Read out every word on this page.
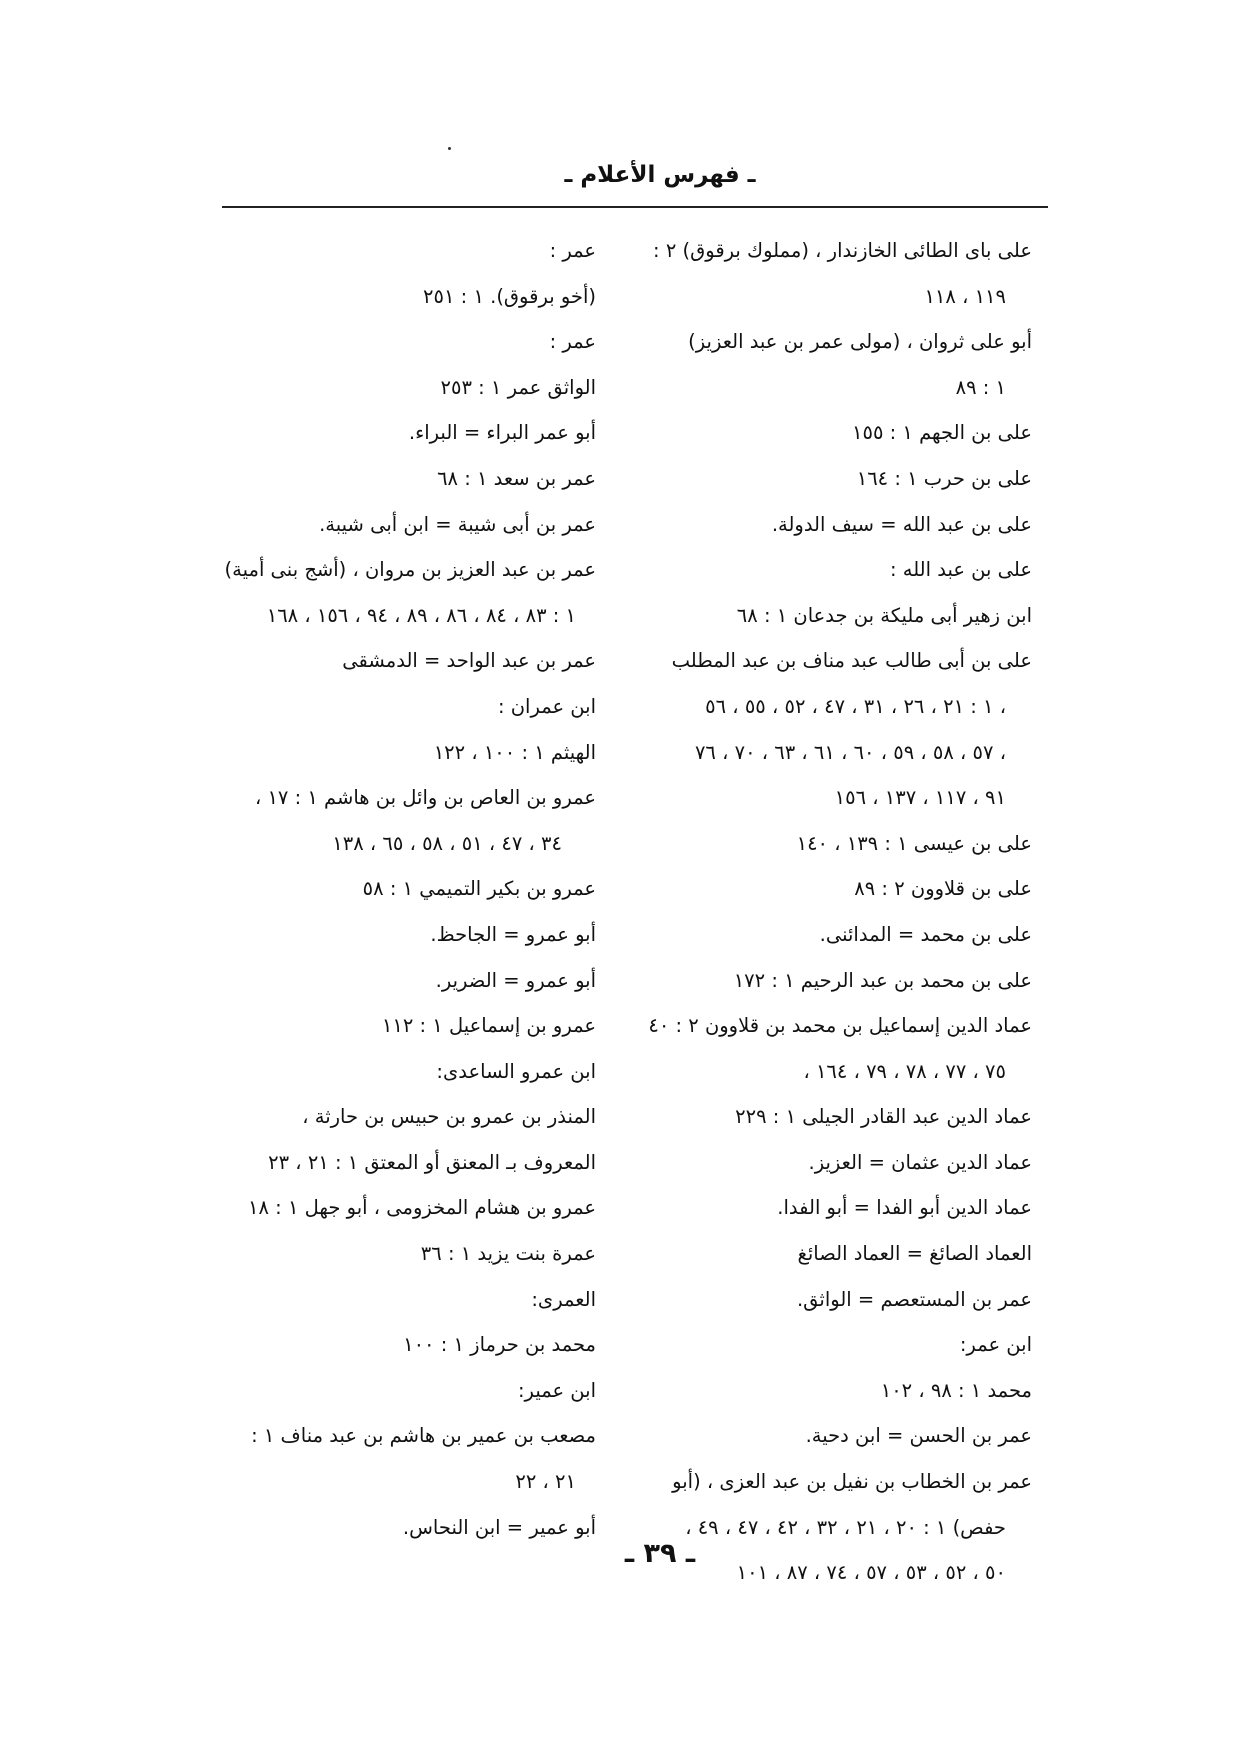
ـ فهرس الأعلام ـ
على باى الطائى الخازندار ، (مملوك برقوق) ٢ :
١١٩ ، ١١٨
أبو على ثروان ، (مولى عمر بن عبد العزيز)
١ : ٨٩
على بن الجهم ١ : ١٥٥
على بن حرب ١ : ١٦٤
على بن عبد الله = سيف الدولة.
على بن عبد الله :
ابن زهير أبى مليكة بن جدعان ١ : ٦٨
على بن أبى طالب عبد مناف بن عبد المطلب
١ : ٢١ ، ٢٦ ، ٣١ ، ٤٧ ، ٥٢ ، ٥٥ ، ٥٦ ،
٥٧ ، ٥٨ ، ٥٩ ، ٦٠ ، ٦١ ، ٦٣ ، ٧٠ ، ٧٦ ،
٩١ ، ١١٧ ، ١٣٧ ، ١٥٦
على بن عيسى ١ : ١٣٩ ، ١٤٠
على بن قلاوون ٢ : ٨٩
على بن محمد = المدائنى.
على بن محمد بن عبد الرحيم ١ : ١٧٢
عماد الدين إسماعيل بن محمد بن قلاوون ٢ : ٤٠
، ٧٥ ، ٧٧ ، ٧٨ ، ٧٩ ، ١٦٤
عماد الدين عبد القادر الجيلى ١ : ٢٢٩
عماد الدين عثمان = العزيز.
عماد الدين أبو الفدا = أبو الفدا.
العماد الصائغ = العماد الصائغ
عمر بن المستعصم = الواثق.
ابن عمر:
محمد ١ : ٩٨ ، ١٠٢
عمر بن الحسن = ابن دحية.
عمر بن الخطاب بن نفيل بن عبد العزى ، (أبو
حفص) ١ : ٢٠ ، ٢١ ، ٣٢ ، ٤٢ ، ٤٧ ، ٤٩ ،
٥٠ ، ٥٢ ، ٥٣ ، ٥٧ ، ٧٤ ، ٨٧ ، ١٠١
عمر :
(أخو برقوق). ١ : ٢٥١
عمر :
الواثق عمر ١ : ٢٥٣
أبو عمر البراء = البراء.
عمر بن سعد ١ : ٦٨
عمر بن أبى شيبة = ابن أبى شيبة.
عمر بن عبد العزيز بن مروان ، (أشج بنى أمية)
١ : ٨٣ ، ٨٤ ، ٨٦ ، ٨٩ ، ٩٤ ، ١٥٦ ، ١٦٨
عمر بن عبد الواحد = الدمشقى
ابن عمران :
الهيثم ١ : ١٠٠ ، ١٢٢
عمرو بن العاص بن وائل بن هاشم ١ : ١٧ ،
٣٤ ، ٤٧ ، ٥١ ، ٥٨ ، ٦٥ ، ١٣٨
عمرو بن بكير التميمي ١ : ٥٨
أبو عمرو = الجاحظ.
أبو عمرو = الضرير.
عمرو بن إسماعيل ١ : ١١٢
ابن عمرو الساعدى:
المنذر بن عمرو بن حبيس بن حارثة ،
المعروف بـ المعنق أو المعتق ١ : ٢١ ، ٢٣
عمرو بن هشام المخزومى ، أبو جهل ١ : ١٨
عمرة بنت يزيد ١ : ٣٦
العمرى:
محمد بن حرماز ١ : ١٠٠
ابن عمير:
مصعب بن عمير بن هاشم بن عبد مناف ١ :
٢١ ، ٢٢
أبو عمير = ابن النحاس.
ـ ٣٩ ـ
